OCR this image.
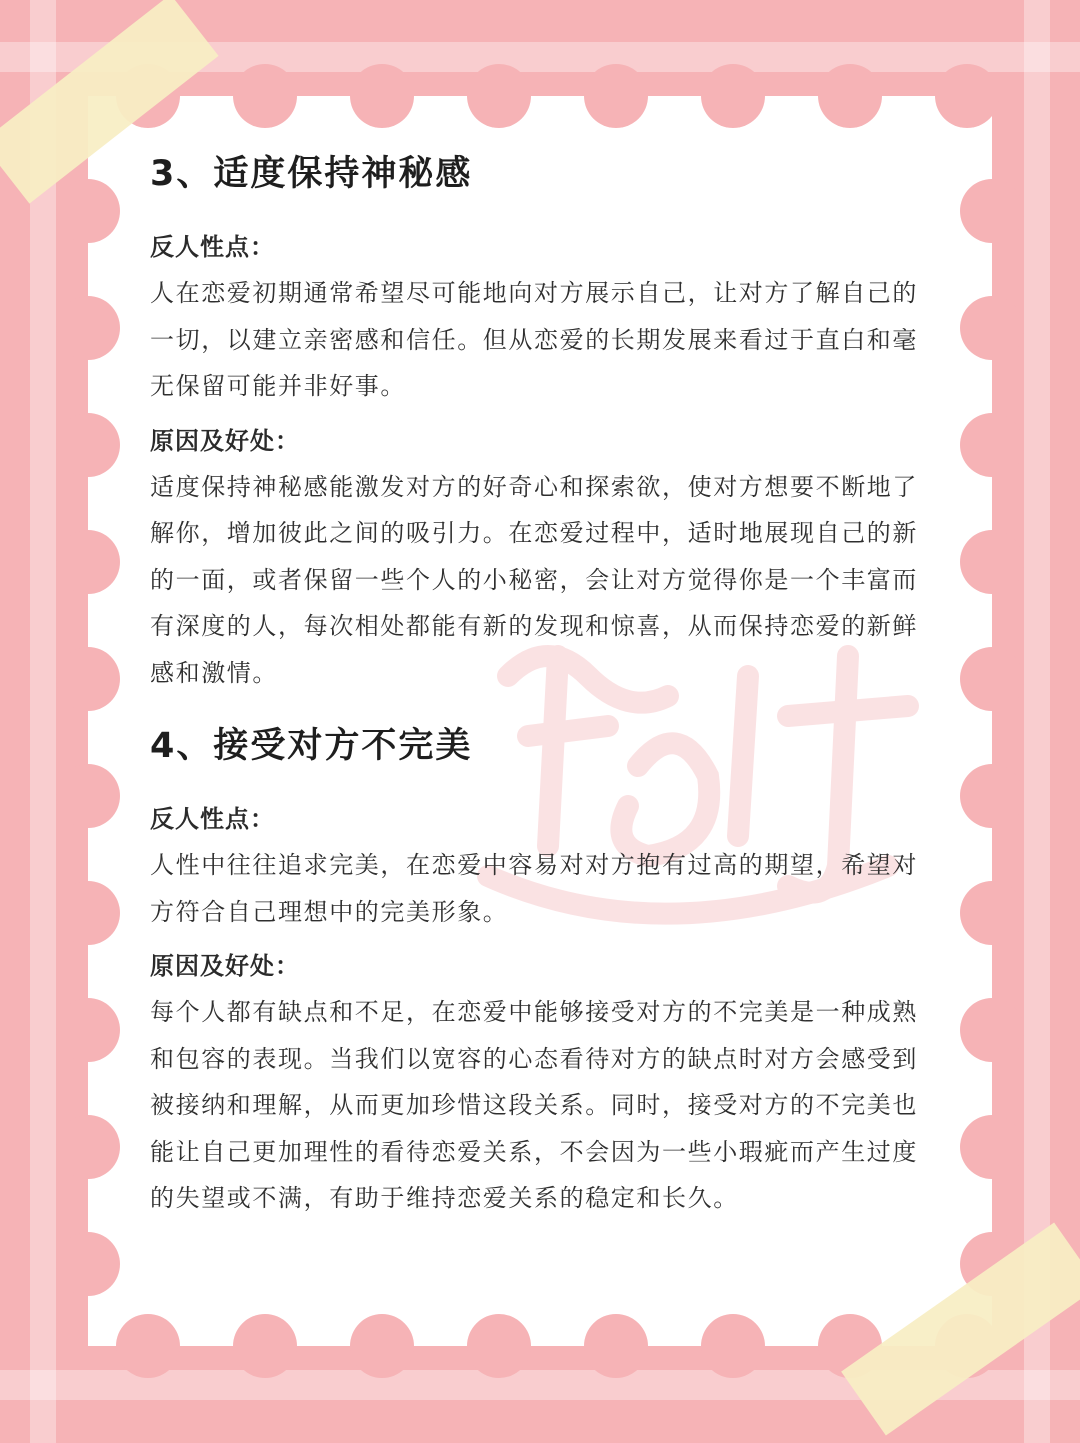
3、适度保持神秘感

反人性点：

人在恋爱初期通常希望尽可能地向对方展示自己，让对方了解自己的一切，以建立亲密感和信任。但从恋爱的长期发展来看过于直白和毫无保留可能并非好事。

原因及好处：

适度保持神秘感能激发对方的好奇心和探索欲，使对方想要不断地了解你，增加彼此之间的吸引力。在恋爱过程中，适时地展现自己的新的一面，或者保留一些个人的小秘密，会让对方觉得你是一个丰富而有深度的人，每次相处都能有新的发现和惊喜，从而保持恋爱的新鲜感和激情。

4、接受对方不完美

反人性点：

人性中往往追求完美，在恋爱中容易对对方抱有过高的期望，希望对方符合自己理想中的完美形象。

原因及好处：

每个人都有缺点和不足，在恋爱中能够接受对方的不完美是一种成熟和包容的表现。当我们以宽容的心态看待对方的缺点时对方会感受到被接纳和理解，从而更加珍惜这段关系。同时，接受对方的不完美也能让自己更加理性的看待恋爱关系，不会因为一些小瑕疵而产生过度的失望或不满，有助于维持恋爱关系的稳定和长久。
